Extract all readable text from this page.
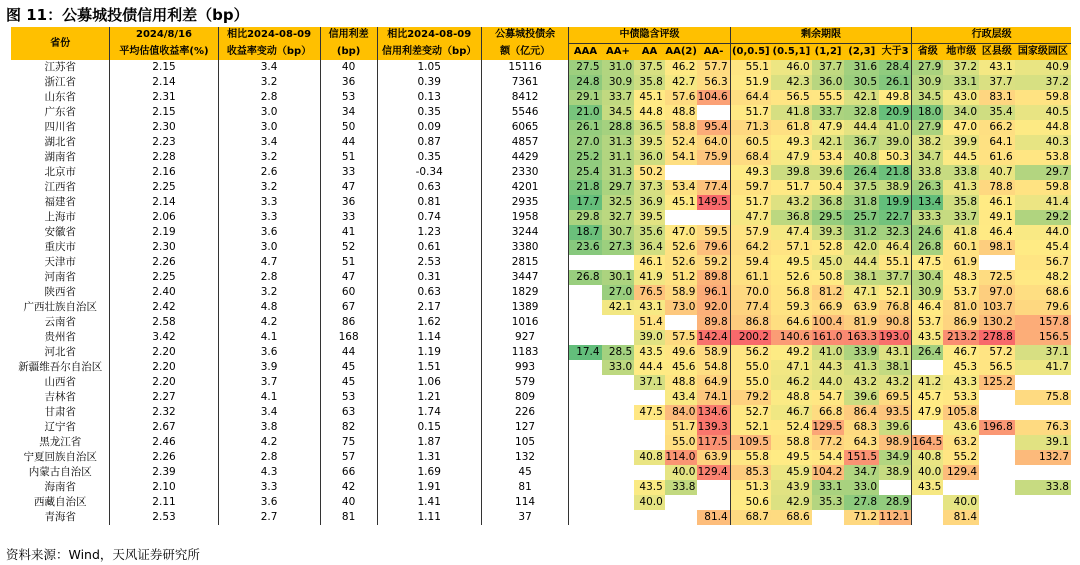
图 11：公募城投债信用利差（bp）
省份	2024/8/16	相比2024-08-09	信用利差	相比2024-08-09	公募城投债余	中债隐含评级					剩余期限					行政层级			
	平均估值收益率(%)	收益率变动（bp）	(bp)	信用利差变动（bp）	额（亿元）	AAA	AA+	AA	AA(2)	AA-	(0,0.5]	(0.5,1]	(1,2]	(2,3]	大于3	省级	地市级	区县级	国家级园区
江苏省	2.15	3.4	40	1.05	15116	27.5	31.0	37.5	46.2	57.7	55.1	46.0	37.7	31.6	28.4	27.9	37.2	43.1	40.9
浙江省	2.14	3.2	36	0.39	7361	24.8	30.9	35.8	42.7	56.3	51.9	42.3	36.0	30.5	26.1	30.9	33.1	37.7	37.2
山东省	2.31	2.8	53	0.13	8412	29.1	33.7	45.1	57.6	104.6	64.4	56.5	55.5	42.1	49.8	34.5	43.0	83.1	59.8
广东省	2.15	3.0	34	0.35	5546	21.0	34.5	44.8	48.8		51.7	41.8	33.7	32.8	20.9	18.0	34.0	35.4	40.5
四川省	2.30	3.0	50	0.09	6065	26.1	28.8	36.5	58.8	95.4	71.3	61.8	47.9	44.4	41.0	27.9	47.0	66.2	44.8
湖北省	2.23	3.4	44	0.87	4857	27.0	31.3	39.5	52.4	64.0	60.5	49.3	42.1	36.7	39.0	38.2	39.9	64.1	40.3
湖南省	2.28	3.2	51	0.35	4429	25.2	31.1	36.0	54.1	75.9	68.4	47.9	53.4	40.8	50.3	34.7	44.5	61.6	53.8
北京市	2.16	2.6	33	-0.34	2330	25.4	31.3	50.2			49.3	39.8	39.6	26.4	21.8	33.8	33.8	40.7	29.7
江西省	2.25	3.2	47	0.63	4201	21.8	29.7	37.3	53.4	77.4	59.7	51.7	50.4	37.5	38.9	26.3	41.3	78.8	59.8
福建省	2.14	3.3	36	0.81	2935	17.7	32.5	36.9	45.1	149.5	51.7	43.2	36.8	31.8	19.9	13.4	35.8	46.1	41.4
上海市	2.06	3.3	33	0.74	1958	29.8	32.7	39.5			47.7	36.8	29.5	25.7	22.7	33.3	33.7	49.1	29.2
安徽省	2.19	3.6	41	1.23	3244	18.7	30.7	35.6	47.0	59.5	57.9	47.4	39.3	31.2	32.3	24.6	41.8	46.4	44.0
重庆市	2.30	3.0	52	0.61	3380	23.6	27.3	36.4	52.6	79.6	64.2	57.1	52.8	42.0	46.4	26.8	60.1	98.1	45.4
天津市	2.26	4.7	51	2.53	2815			46.1	52.6	59.2	59.4	49.5	45.0	44.4	55.1	47.5	61.9		56.7
河南省	2.25	2.8	47	0.31	3447	26.8	30.1	41.9	51.2	89.8	61.1	52.6	50.8	38.1	37.7	30.4	48.3	72.5	48.2
陕西省	2.40	3.2	60	0.63	1829		27.0	76.5	58.9	96.1	70.0	56.8	81.2	47.1	52.1	30.9	53.7	97.0	68.6
广西壮族自治区	2.42	4.8	67	2.17	1389		42.1	43.1	73.0	92.0	77.4	59.3	66.9	63.9	76.8	46.4	81.0	103.7	79.6
云南省	2.58	4.2	86	1.62	1016			51.4		89.8	86.8	64.6	100.4	81.9	90.8	53.7	86.9	130.2	157.8
贵州省	3.42	4.1	168	1.14	927			39.0	57.5	142.4	200.2	140.6	161.0	163.3	193.0	43.5	213.2	278.8	156.5
河北省	2.20	3.6	44	1.19	1183	17.4	28.5	43.5	49.6	58.9	56.2	49.2	41.0	33.9	43.1	26.4	46.7	57.2	37.1
新疆维吾尔自治区	2.20	3.9	45	1.51	993		33.0	44.4	45.6	54.8	55.0	47.1	44.3	41.3	38.1		45.3	56.5	41.7
山西省	2.20	3.7	45	1.06	579			37.1	48.8	64.9	55.0	46.2	44.0	43.2	43.2	41.2	43.3	125.2	
吉林省	2.27	4.1	53	1.21	809				43.4	74.1	79.2	48.8	54.7	39.6	69.5	45.7	53.3		75.8
甘肃省	2.32	3.4	63	1.74	226			47.5	84.0	134.6	52.7	46.7	66.8	86.4	93.5	47.9	105.8		
辽宁省	2.67	3.8	82	0.15	127				51.7	139.3	52.1	52.4	129.5	68.3	39.6		43.6	196.8	76.3
黑龙江省	2.46	4.2	75	1.87	105				55.0	117.5	109.5	58.8	77.2	64.3	98.9	164.5	63.2		39.1
宁夏回族自治区	2.26	2.8	57	1.31	132			40.8	114.0	63.9	55.8	49.5	54.4	151.5	34.9	40.8	55.2		132.7
内蒙古自治区	2.39	4.3	66	1.69	45				40.0	129.4	85.3	45.9	104.2	34.7	38.9	40.0	129.4		
海南省	2.10	3.3	42	1.91	81			43.5	33.8		51.3	43.9	33.1	33.0		43.5			33.8
西藏自治区	2.11	3.6	40	1.41	114			40.0			50.6	42.9	35.3	27.8	28.9		40.0		
青海省	2.53	2.7	81	1.11	37					81.4	68.7	68.6		71.2	112.1		81.4		
资料来源：Wind，天风证券研究所
